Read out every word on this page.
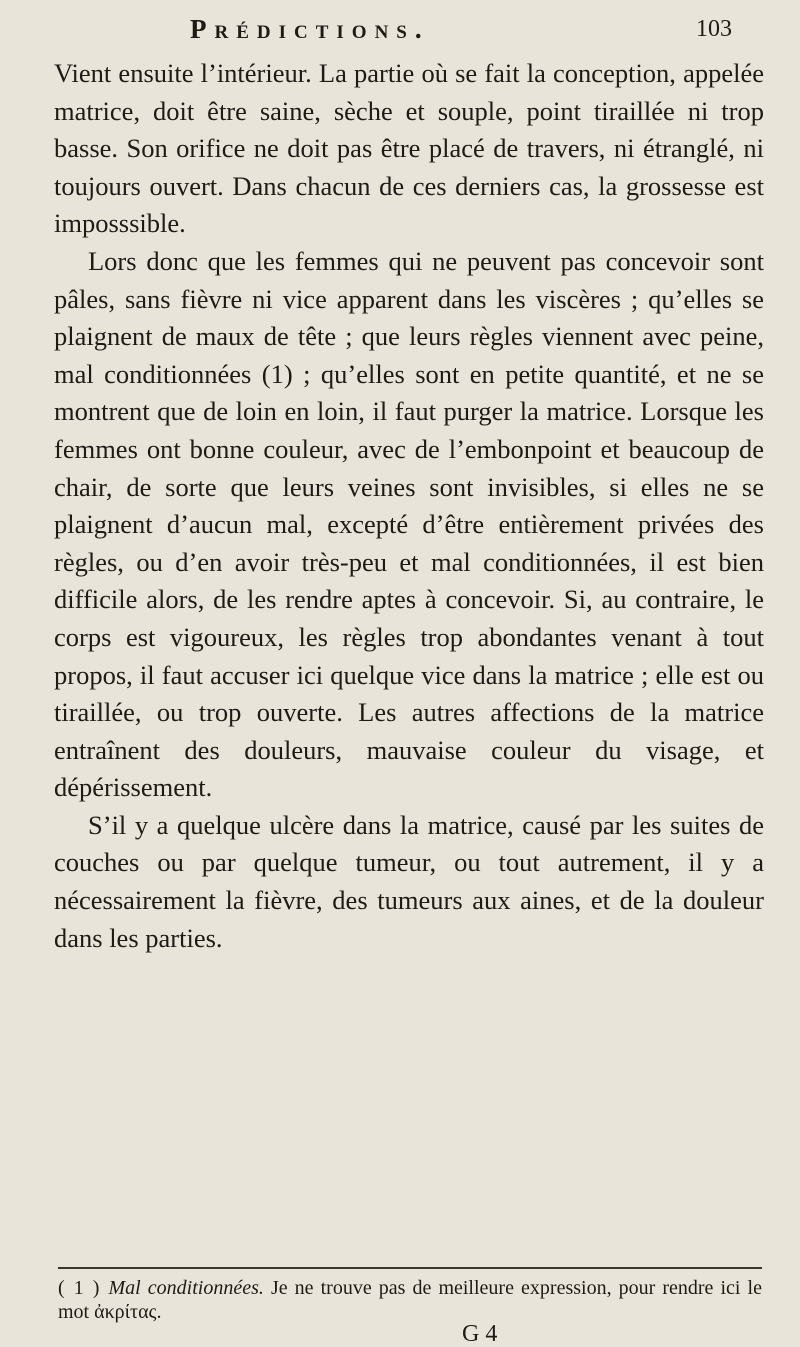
Prédictions.	103

Vient ensuite l’intérieur. La partie où se fait la conception, appelée matrice, doit être saine, sèche et souple, point tiraillée ni trop basse. Son orifice ne doit pas être placé de travers, ni étranglé, ni toujours ouvert. Dans chacun de ces derniers cas, la grossesse est imposssible.

Lors donc que les femmes qui ne peuvent pas concevoir sont pâles, sans fièvre ni vice apparent dans les viscères ; qu’elles se plaignent de maux de tête ; que leurs règles viennent avec peine, mal conditionnées (1) ; qu’elles sont en petite quantité, et ne se montrent que de loin en loin, il faut purger la matrice. Lorsque les femmes ont bonne couleur, avec de l’embonpoint et beaucoup de chair, de sorte que leurs veines sont invisibles, si elles ne se plaignent d’aucun mal, excepté d’être entièrement privées des règles, ou d’en avoir très-peu et mal conditionnées, il est bien difficile alors, de les rendre aptes à concevoir. Si, au contraire, le corps est vigoureux, les règles trop abondantes venant à tout propos, il faut accuser ici quelque vice dans la matrice ; elle est ou tiraillée, ou trop ouverte. Les autres affections de la matrice entraînent des douleurs, mauvaise couleur du visage, et dépérissement.

S’il y a quelque ulcère dans la matrice, causé par les suites de couches ou par quelque tumeur, ou tout autrement, il y a nécessairement la fièvre, des tumeurs aux aines, et de la douleur dans les parties.

( 1 ) Mal conditionnées. Je ne trouve pas de meilleure expression, pour rendre ici le mot ἀκρίτας.
G 4
